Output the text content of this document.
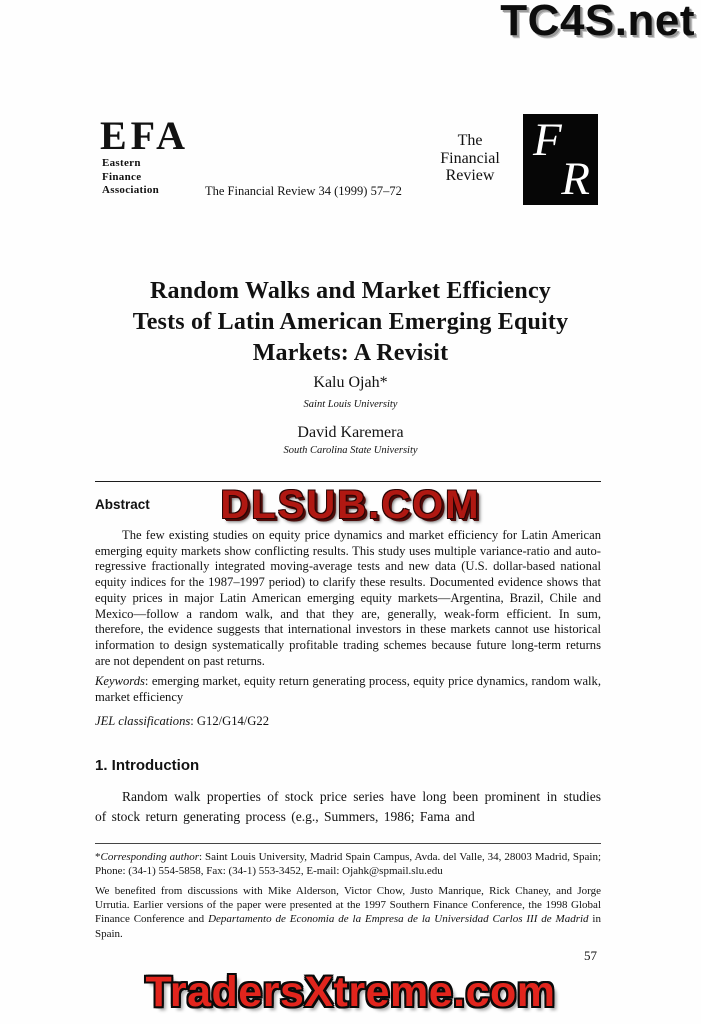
TC4S.net
EFA
Eastern
Finance
Association
The
Financial
Review
F
R
The Financial Review 34 (1999) 57–72
Random Walks and Market Efficiency
Tests of Latin American Emerging Equity
Markets: A Revisit
Kalu Ojah*
Saint Louis University
David Karemera
South Carolina State University
Abstract	DLSUB.COM
The few existing studies on equity price dynamics and market efficiency for Latin American emerging equity markets show conflicting results. This study uses multiple variance-ratio and auto-regressive fractionally integrated moving-average tests and new data (U.S. dollar-based national equity indices for the 1987–1997 period) to clarify these results. Documented evidence shows that equity prices in major Latin American emerging equity markets—Argentina, Brazil, Chile and Mexico—follow a random walk, and that they are, generally, weak-form efficient. In sum, therefore, the evidence suggests that international investors in these markets cannot use historical information to design systematically profitable trading schemes because future long-term returns are not dependent on past returns.
Keywords: emerging market, equity return generating process, equity price dynamics, random walk, market efficiency
JEL classifications: G12/G14/G22
1. Introduction
Random walk properties of stock price series have long been prominent in studies of stock return generating process (e.g., Summers, 1986; Fama and
*Corresponding author: Saint Louis University, Madrid Spain Campus, Avda. del Valle, 34, 28003 Madrid, Spain; Phone: (34-1) 554-5858, Fax: (34-1) 553-3452, E-mail: Ojahk@spmail.slu.edu
We benefited from discussions with Mike Alderson, Victor Chow, Justo Manrique, Rick Chaney, and Jorge Urrutia. Earlier versions of the paper were presented at the 1997 Southern Finance Conference, the 1998 Global Finance Conference and Departamento de Economia de la Empresa de la Universidad Carlos III de Madrid in Spain.
57
TradersXtreme.com
